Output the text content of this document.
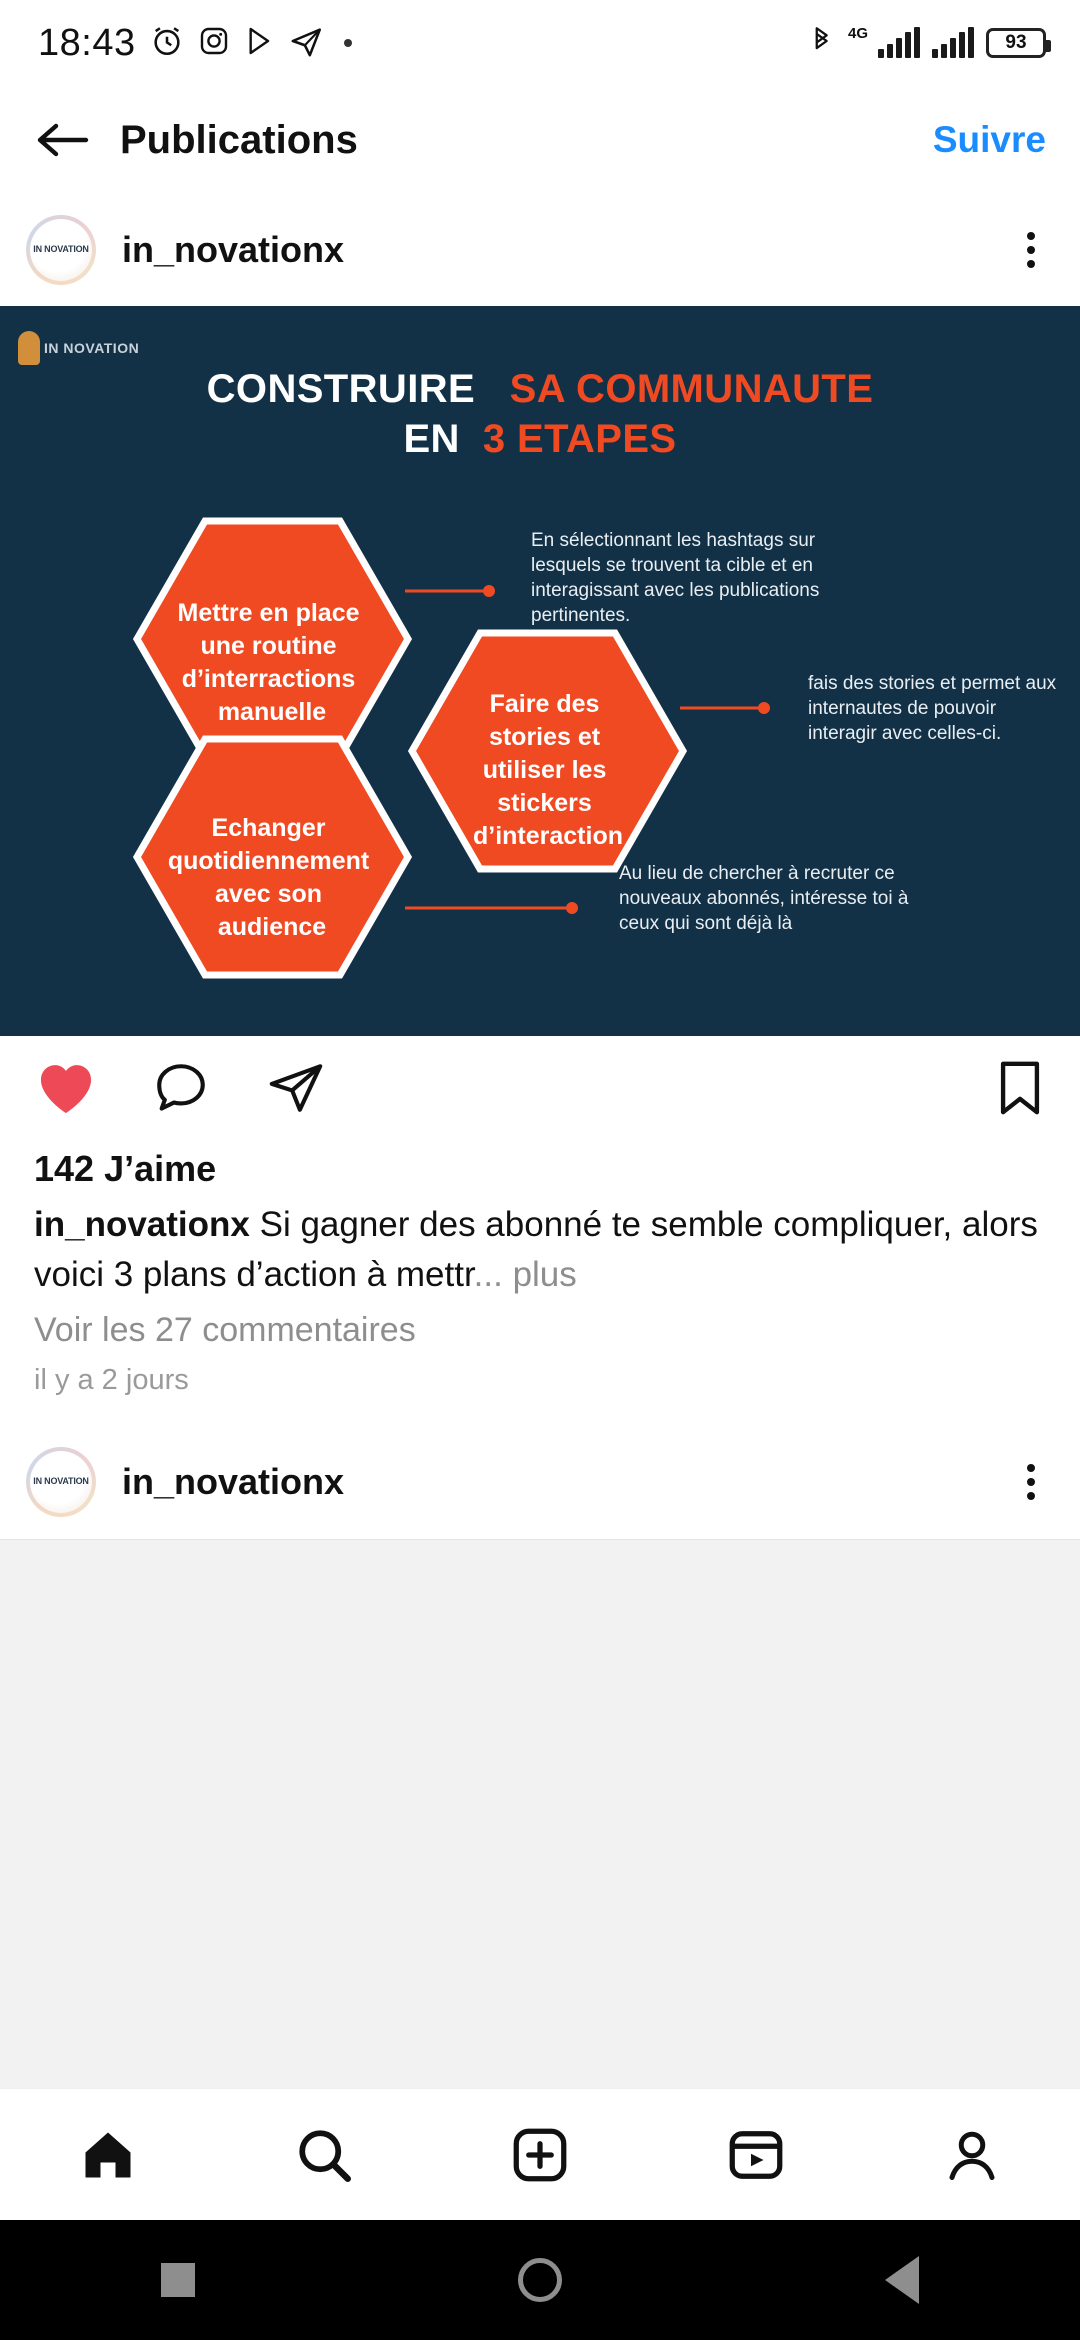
18:43	4G	93
Publications	Suivre
IN NOVATION in_novationx
IN NOVATION
CONSTRUIRE SA COMMUNAUTE
EN 3 ETAPES
Mettre en place une routine d’interractions manuelle	Faire des stories et utiliser les stickers d’interaction
Echanger quotidiennement avec son audience
En sélectionnant les hashtags sur lesquels se trouvent ta cible et en interagissant avec les publications pertinentes.
fais des stories et permet aux internautes de pouvoir interagir avec celles-ci.
Au lieu de chercher à recruter ce nouveaux abonnés, intéresse toi à ceux qui sont déjà là
142 J’aime
in_novationx Si gagner des abonné te semble compliquer, alors voici 3 plans d’action à mettr... plus
Voir les 27 commentaires
il y a 2 jours
IN NOVATION in_novationx
